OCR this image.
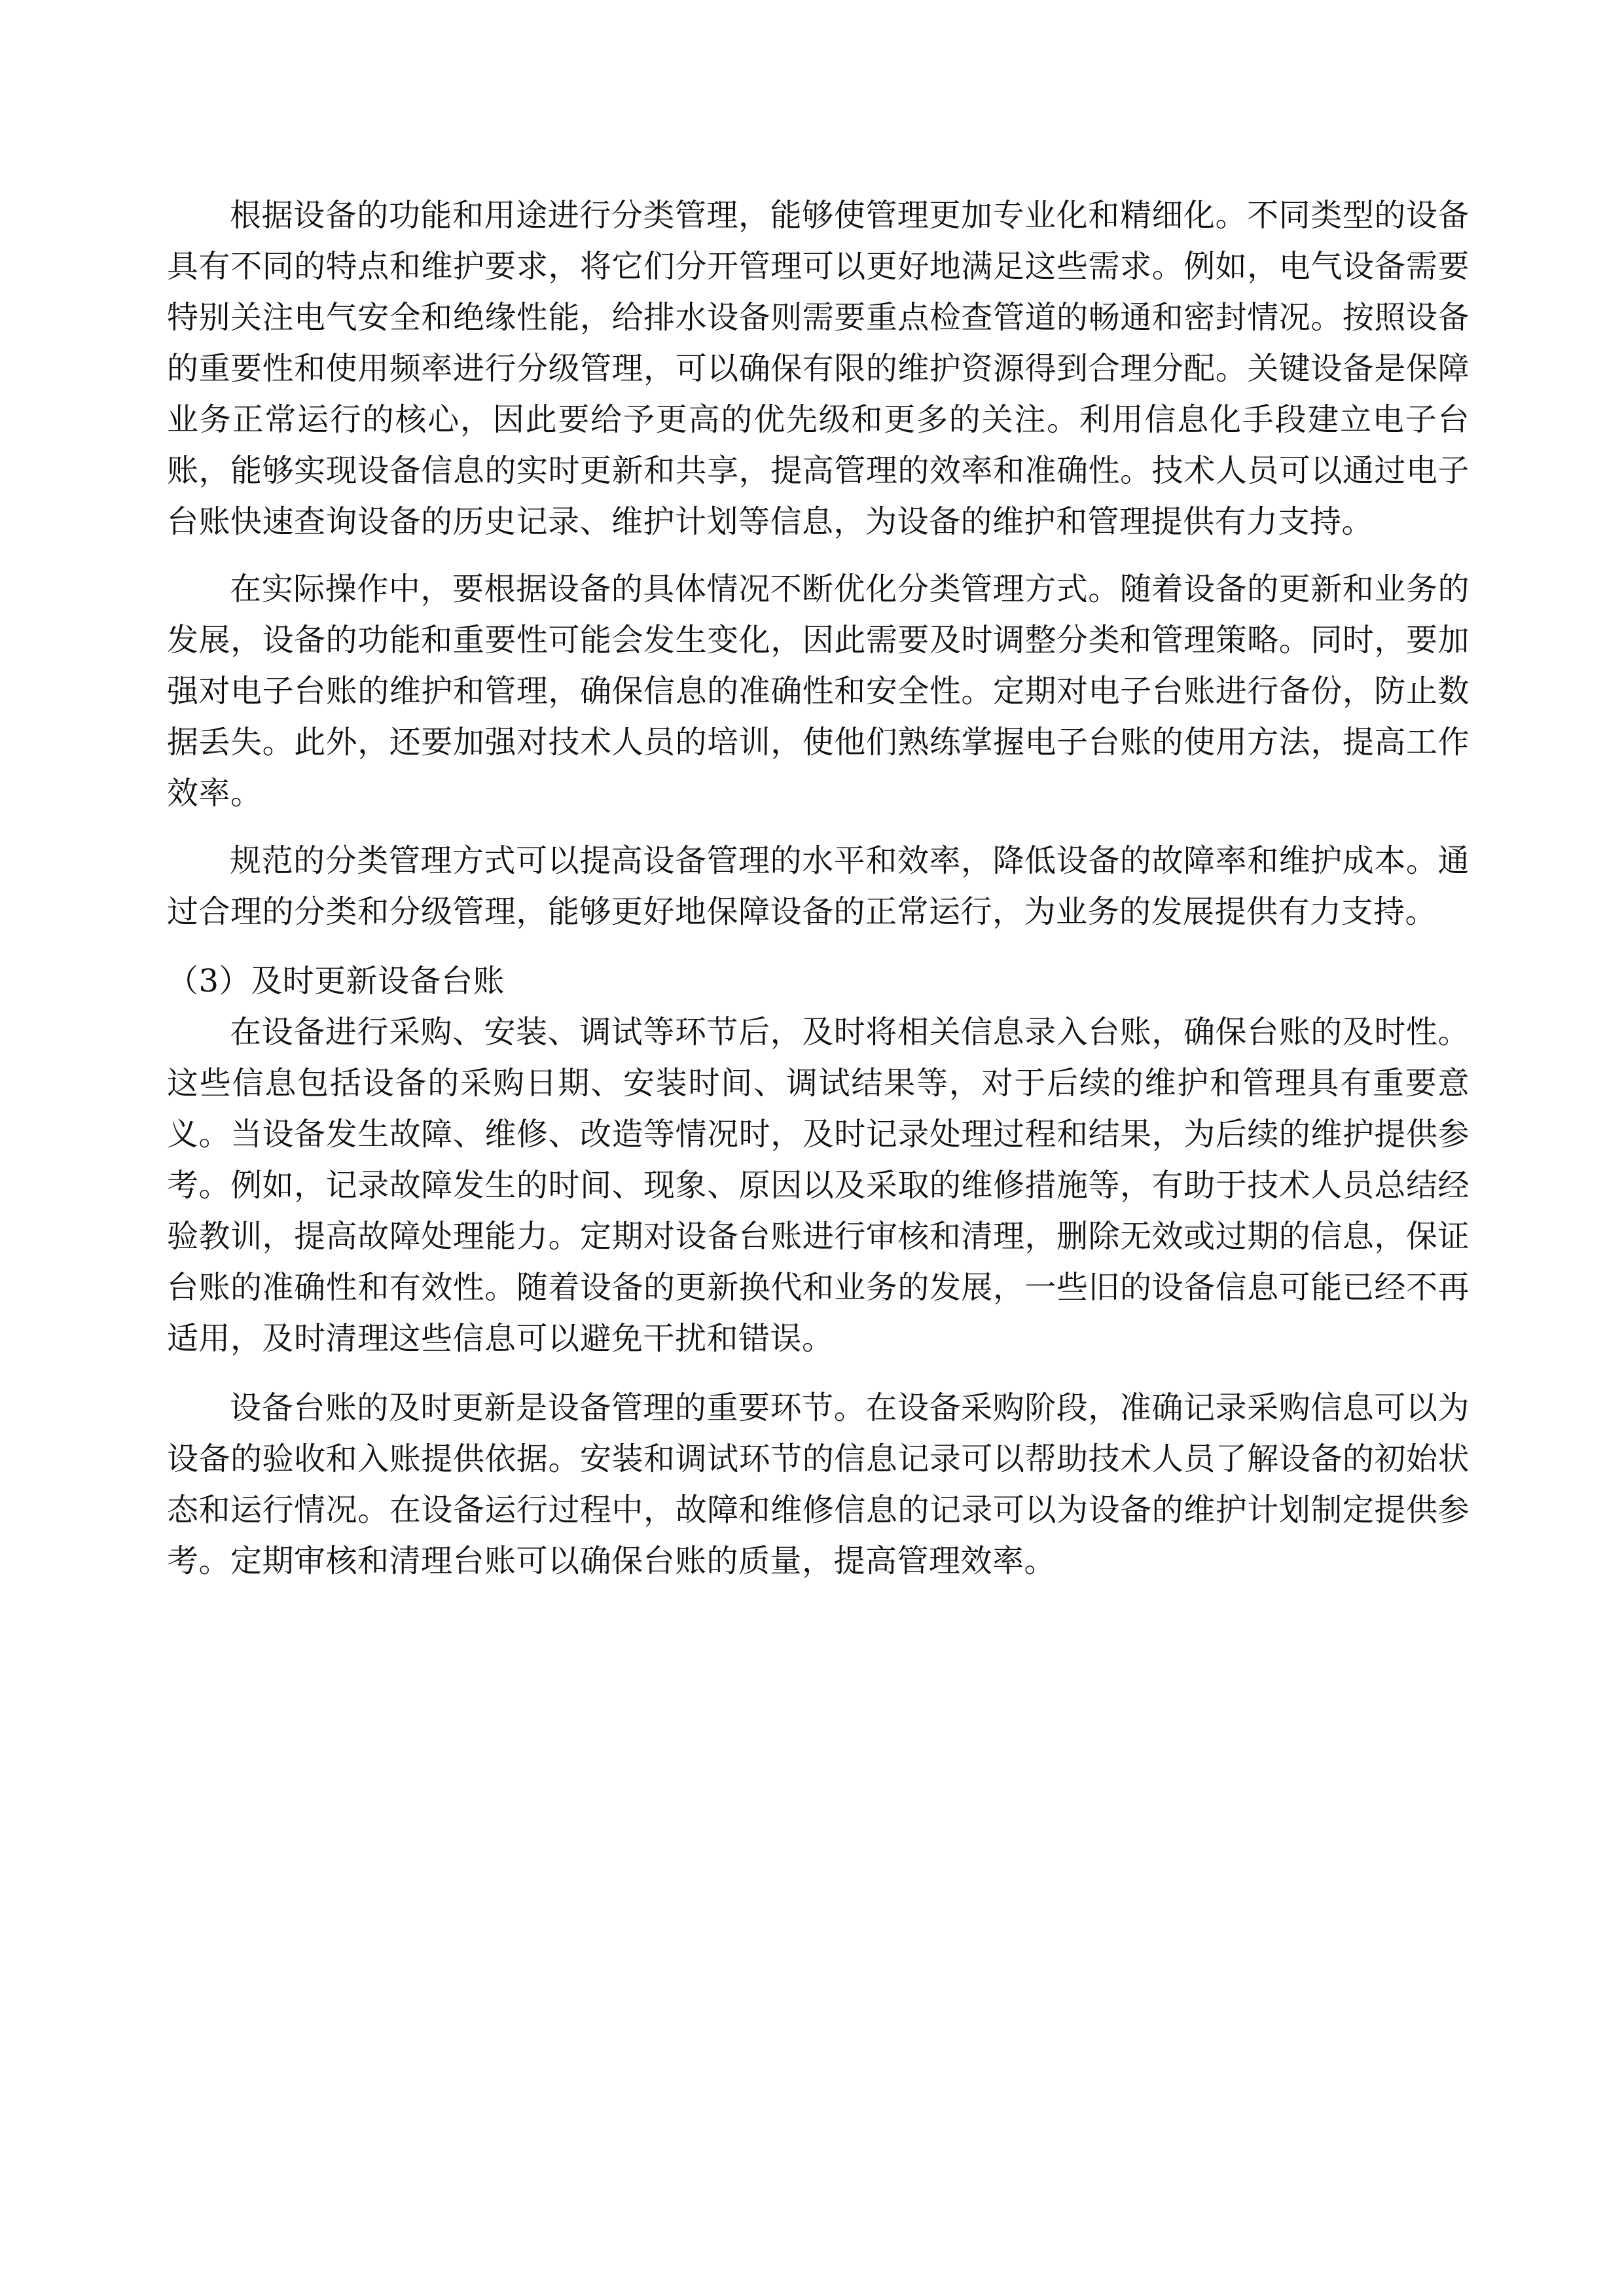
根据设备的功能和用途进行分类管理，能够使管理更加专业化和精细化。不同类型的设备具有不同的特点和维护要求，将它们分开管理可以更好地满足这些需求。例如，电气设备需要特别关注电气安全和绝缘性能，给排水设备则需要重点检查管道的畅通和密封情况。按照设备的重要性和使用频率进行分级管理，可以确保有限的维护资源得到合理分配。关键设备是保障业务正常运行的核心，因此要给予更高的优先级和更多的关注。利用信息化手段建立电子台账，能够实现设备信息的实时更新和共享，提高管理的效率和准确性。技术人员可以通过电子台账快速查询设备的历史记录、维护计划等信息，为设备的维护和管理提供有力支持。

在实际操作中，要根据设备的具体情况不断优化分类管理方式。随着设备的更新和业务的发展，设备的功能和重要性可能会发生变化，因此需要及时调整分类和管理策略。同时，要加强对电子台账的维护和管理，确保信息的准确性和安全性。定期对电子台账进行备份，防止数据丢失。此外，还要加强对技术人员的培训，使他们熟练掌握电子台账的使用方法，提高工作效率。

规范的分类管理方式可以提高设备管理的水平和效率，降低设备的故障率和维护成本。通过合理的分类和分级管理，能够更好地保障设备的正常运行，为业务的发展提供有力支持。

（3）及时更新设备台账

在设备进行采购、安装、调试等环节后，及时将相关信息录入台账，确保台账的及时性。这些信息包括设备的采购日期、安装时间、调试结果等，对于后续的维护和管理具有重要意义。当设备发生故障、维修、改造等情况时，及时记录处理过程和结果，为后续的维护提供参考。例如，记录故障发生的时间、现象、原因以及采取的维修措施等，有助于技术人员总结经验教训，提高故障处理能力。定期对设备台账进行审核和清理，删除无效或过期的信息，保证台账的准确性和有效性。随着设备的更新换代和业务的发展，一些旧的设备信息可能已经不再适用，及时清理这些信息可以避免干扰和错误。

设备台账的及时更新是设备管理的重要环节。在设备采购阶段，准确记录采购信息可以为设备的验收和入账提供依据。安装和调试环节的信息记录可以帮助技术人员了解设备的初始状态和运行情况。在设备运行过程中，故障和维修信息的记录可以为设备的维护计划制定提供参考。定期审核和清理台账可以确保台账的质量，提高管理效率。
